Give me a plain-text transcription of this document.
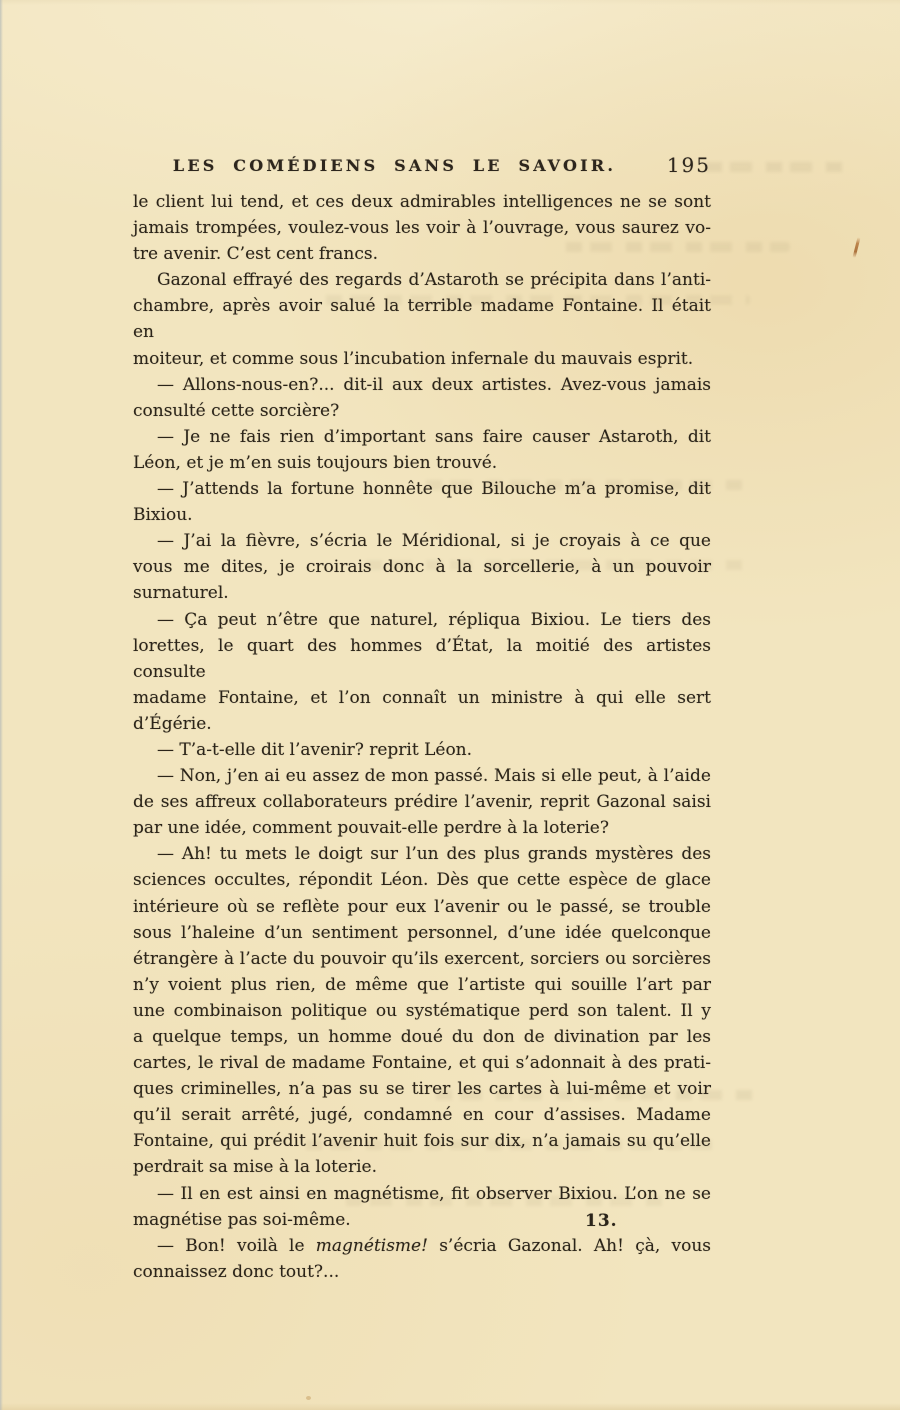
LES COMÉDIENS SANS LE SAVOIR.	195
le client lui tend, et ces deux admirables intelligences ne se sont
jamais trompées, voulez-vous les voir à l’ouvrage, vous saurez vo-
tre avenir. C’est cent francs.
Gazonal effrayé des regards d’Astaroth se précipita dans l’anti-
chambre, après avoir salué la terrible madame Fontaine. Il était en
moiteur, et comme sous l’incubation infernale du mauvais esprit.
— Allons-nous-en?... dit-il aux deux artistes. Avez-vous jamais
consulté cette sorcière?
— Je ne fais rien d’important sans faire causer Astaroth, dit
Léon, et je m’en suis toujours bien trouvé.
— J’attends la fortune honnête que Bilouche m’a promise, dit
Bixiou.
— J’ai la fièvre, s’écria le Méridional, si je croyais à ce que
vous me dites, je croirais donc à la sorcellerie, à un pouvoir
surnaturel.
— Ça peut n’être que naturel, répliqua Bixiou. Le tiers des
lorettes, le quart des hommes d’État, la moitié des artistes consulte
madame Fontaine, et l’on connaît un ministre à qui elle sert d’Égérie.
— T’a-t-elle dit l’avenir? reprit Léon.
— Non, j’en ai eu assez de mon passé. Mais si elle peut, à l’aide
de ses affreux collaborateurs prédire l’avenir, reprit Gazonal saisi
par une idée, comment pouvait-elle perdre à la loterie?
— Ah! tu mets le doigt sur l’un des plus grands mystères des
sciences occultes, répondit Léon. Dès que cette espèce de glace
intérieure où se reflète pour eux l’avenir ou le passé, se trouble
sous l’haleine d’un sentiment personnel, d’une idée quelconque
étrangère à l’acte du pouvoir qu’ils exercent, sorciers ou sorcières
n’y voient plus rien, de même que l’artiste qui souille l’art par
une combinaison politique ou systématique perd son talent. Il y
a quelque temps, un homme doué du don de divination par les
cartes, le rival de madame Fontaine, et qui s’adonnait à des prati-
ques criminelles, n’a pas su se tirer les cartes à lui-même et voir
qu’il serait arrêté, jugé, condamné en cour d’assises. Madame
Fontaine, qui prédit l’avenir huit fois sur dix, n’a jamais su qu’elle
perdrait sa mise à la loterie.
— Il en est ainsi en magnétisme, fit observer Bixiou. L’on ne se
magnétise pas soi-même.
— Bon! voilà le magnétisme! s’écria Gazonal. Ah! çà, vous
connaissez donc tout?...
13.
